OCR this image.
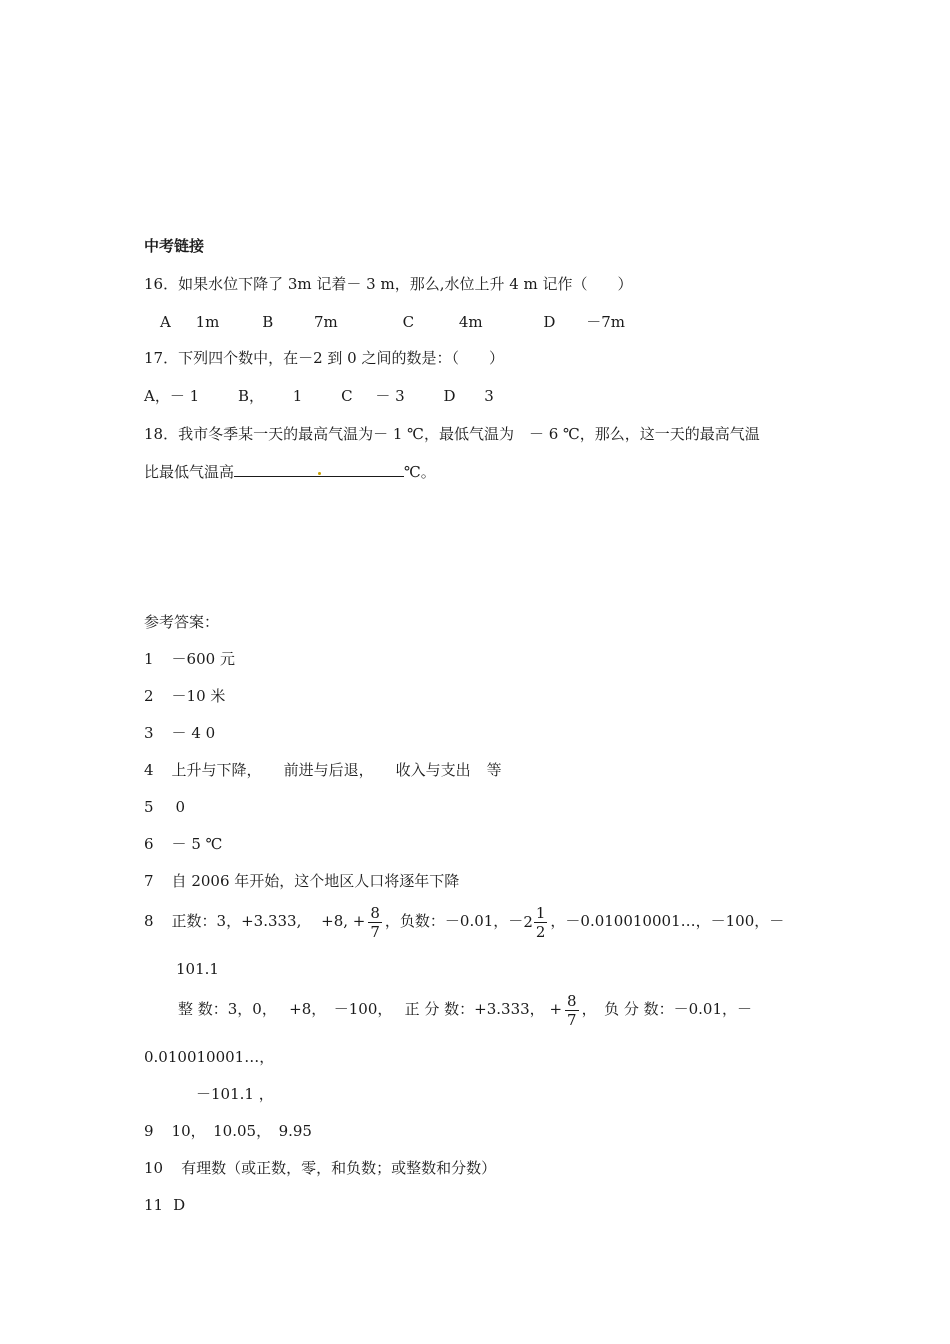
中考链接
16．如果水位下降了 3m 记着－ 3 m，那么,水位上升 4 m 记作（　　）
A 1m	B	7m	C	4m	D －7m
17．下列四个数中，在－2 到 0 之间的数是：（　　）
A，－ 1	B， 1	C － 3	D 3
18．我市冬季某一天的最高气温为－ 1 ℃，最低气温为　－ 6 ℃，那么，这一天的最高气温
比最低气温高	℃。
参考答案：
1 －600 元
2 －10 米
3 － 4 0
4 上升与下降， 前进与后退， 收入与支出 等
5 0
6 － 5 ℃
7 自 2006 年开始，这个地区人口将逐年下降
8 正数：3，+3.333,　 +8, + $\frac{8}{7}$ ，负数：－0.01，－ $2 \frac{1}{2}$ ，－0.010010001…，－100，－
101.1
整 数：3，0，　 +8，　－100，　 正 分 数：+3.333， + $\frac{8}{7}$ ，　负 分 数：－0.01，－
0.010010001…，
－101.1 ，
9 10，　10.05，　9.95
10 有理数（或正数，零，和负数；或整数和分数）
11 D
